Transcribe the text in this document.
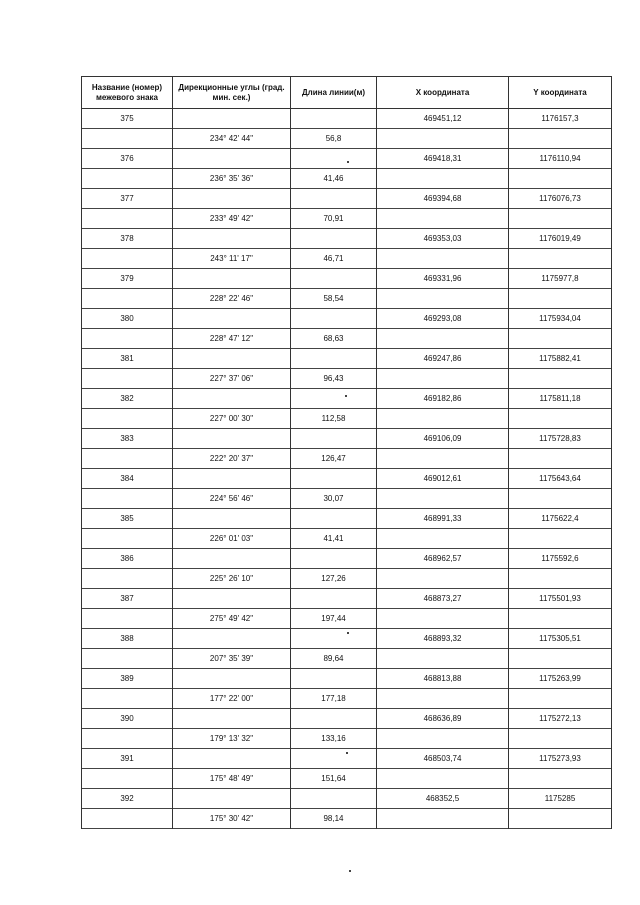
Название (номер) межевого знака	Дирекционные углы (град. мин. сек.)	Длина линии(м)	X координата	Y координата
375			469451,12	1176157,3
	234° 42' 44"	56,8		
376			469418,31	1176110,94
	236° 35' 36"	41,46		
377			469394,68	1176076,73
	233° 49' 42"	70,91		
378			469353,03	1176019,49
	243° 11' 17"	46,71		
379			469331,96	1175977,8
	228° 22' 46"	58,54		
380			469293,08	1175934,04
	228° 47' 12"	68,63		
381			469247,86	1175882,41
	227° 37' 06"	96,43		
382			469182,86	1175811,18
	227° 00' 30"	112,58		
383			469106,09	1175728,83
	222° 20' 37"	126,47		
384			469012,61	1175643,64
	224° 56' 46"	30,07		
385			468991,33	1175622,4
	226° 01' 03"	41,41		
386			468962,57	1175592,6
	225° 26' 10"	127,26		
387			468873,27	1175501,93
	275° 49' 42"	197,44		
388			468893,32	1175305,51
	207° 35' 39"	89,64		
389			468813,88	1175263,99
	177° 22' 00"	177,18		
390			468636,89	1175272,13
	179° 13' 32"	133,16		
391			468503,74	1175273,93
	175° 48' 49"	151,64		
392			468352,5	1175285
	175° 30' 42"	98,14		
